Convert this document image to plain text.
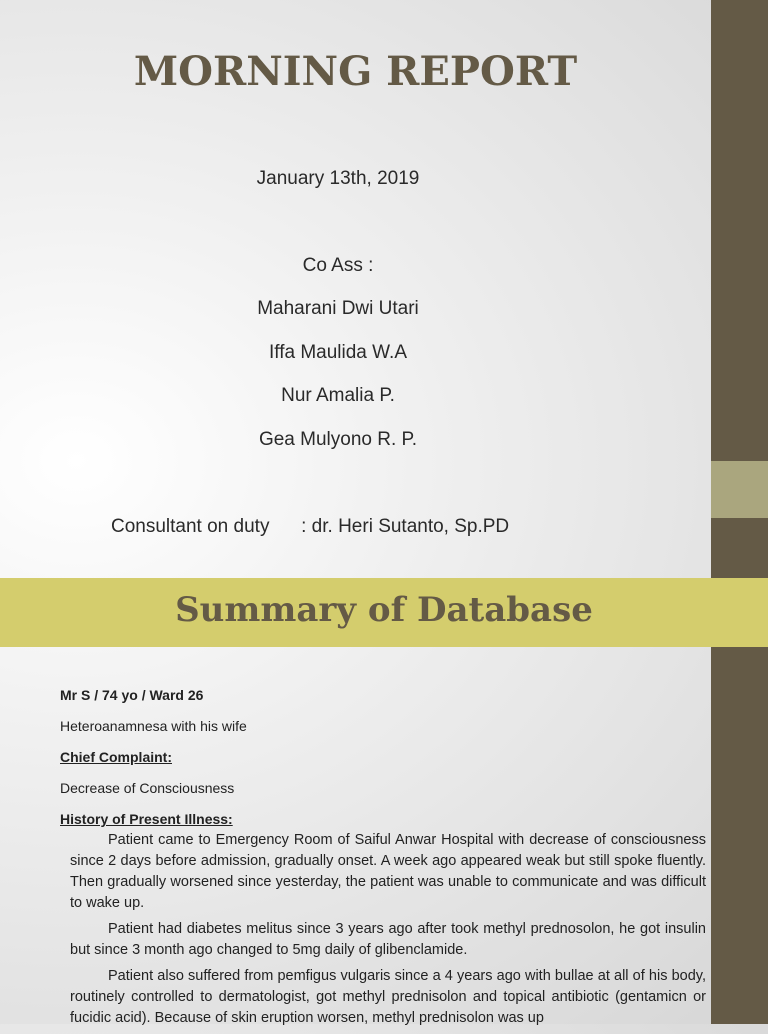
MORNING REPORT
January 13th, 2019
Co Ass :
Maharani Dwi Utari
Iffa Maulida W.A
Nur Amalia P.
Gea Mulyono R. P.
Consultant on duty      : dr. Heri Sutanto, Sp.PD
Summary of Database

Mr S / 74 yo / Ward 26

Heteroanamnesa with his wife

Chief Complaint:

Decrease of Consciousness

History of Present Illness:

Patient came to Emergency Room of Saiful Anwar Hospital with decrease of consciousness since 2 days before admission, gradually onset. A week ago appeared weak but still spoke fluently. Then gradually worsened since yesterday, the patient was unable to communicate and was difficult to wake up.

Patient had diabetes melitus since 3 years ago after took methyl prednosolon, he got insulin but since 3 month ago changed to 5mg daily of glibenclamide.

Patient also suffered from pemfigus vulgaris since a 4 years ago with bullae at all of his body, routinely controlled to dermatologist, got methyl prednisolon and topical antibiotic (gentamicn or fucidic acid). Because of skin eruption worsen, methyl prednisolon was up
